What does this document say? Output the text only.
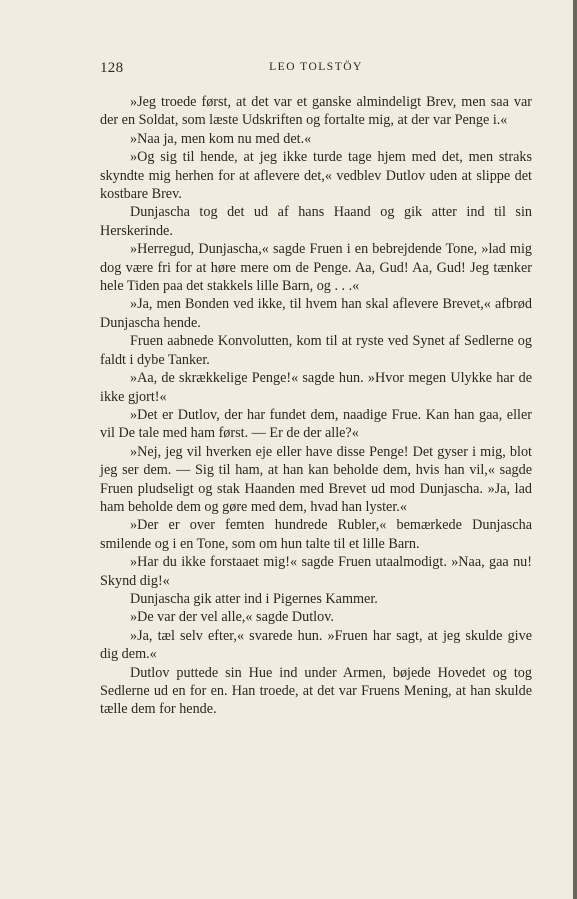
128	LEO TOLSTÖY

»Jeg troede først, at det var et ganske almindeligt Brev, men saa var der en Soldat, som læste Udskriften og fortalte mig, at der var Penge i.«

»Naa ja, men kom nu med det.«

»Og sig til hende, at jeg ikke turde tage hjem med det, men straks skyndte mig herhen for at aflevere det,« vedblev Dutlov uden at slippe det kostbare Brev.

Dunjascha tog det ud af hans Haand og gik atter ind til sin Herskerinde.

»Herregud, Dunjascha,« sagde Fruen i en bebrejdende Tone, »lad mig dog være fri for at høre mere om de Penge. Aa, Gud! Aa, Gud! Jeg tænker hele Tiden paa det stakkels lille Barn, og . . .«

»Ja, men Bonden ved ikke, til hvem han skal aflevere Brevet,« afbrød Dunjascha hende.

Fruen aabnede Konvolutten, kom til at ryste ved Synet af Sedlerne og faldt i dybe Tanker.

»Aa, de skrækkelige Penge!« sagde hun. »Hvor megen Ulykke har de ikke gjort!«

»Det er Dutlov, der har fundet dem, naadige Frue. Kan han gaa, eller vil De tale med ham først. — Er de der alle?«

»Nej, jeg vil hverken eje eller have disse Penge! Det gyser i mig, blot jeg ser dem. — Sig til ham, at han kan beholde dem, hvis han vil,« sagde Fruen pludseligt og stak Haanden med Brevet ud mod Dunjascha. »Ja, lad ham beholde dem og gøre med dem, hvad han lyster.«

»Der er over femten hundrede Rubler,« bemærkede Dunjascha smilende og i en Tone, som om hun talte til et lille Barn.

»Har du ikke forstaaet mig!« sagde Fruen utaalmodigt. »Naa, gaa nu! Skynd dig!«

Dunjascha gik atter ind i Pigernes Kammer.

»De var der vel alle,« sagde Dutlov.

»Ja, tæl selv efter,« svarede hun. »Fruen har sagt, at jeg skulde give dig dem.«

Dutlov puttede sin Hue ind under Armen, bøjede Hovedet og tog Sedlerne ud en for en. Han troede, at det var Fruens Mening, at han skulde tælle dem for hende.
